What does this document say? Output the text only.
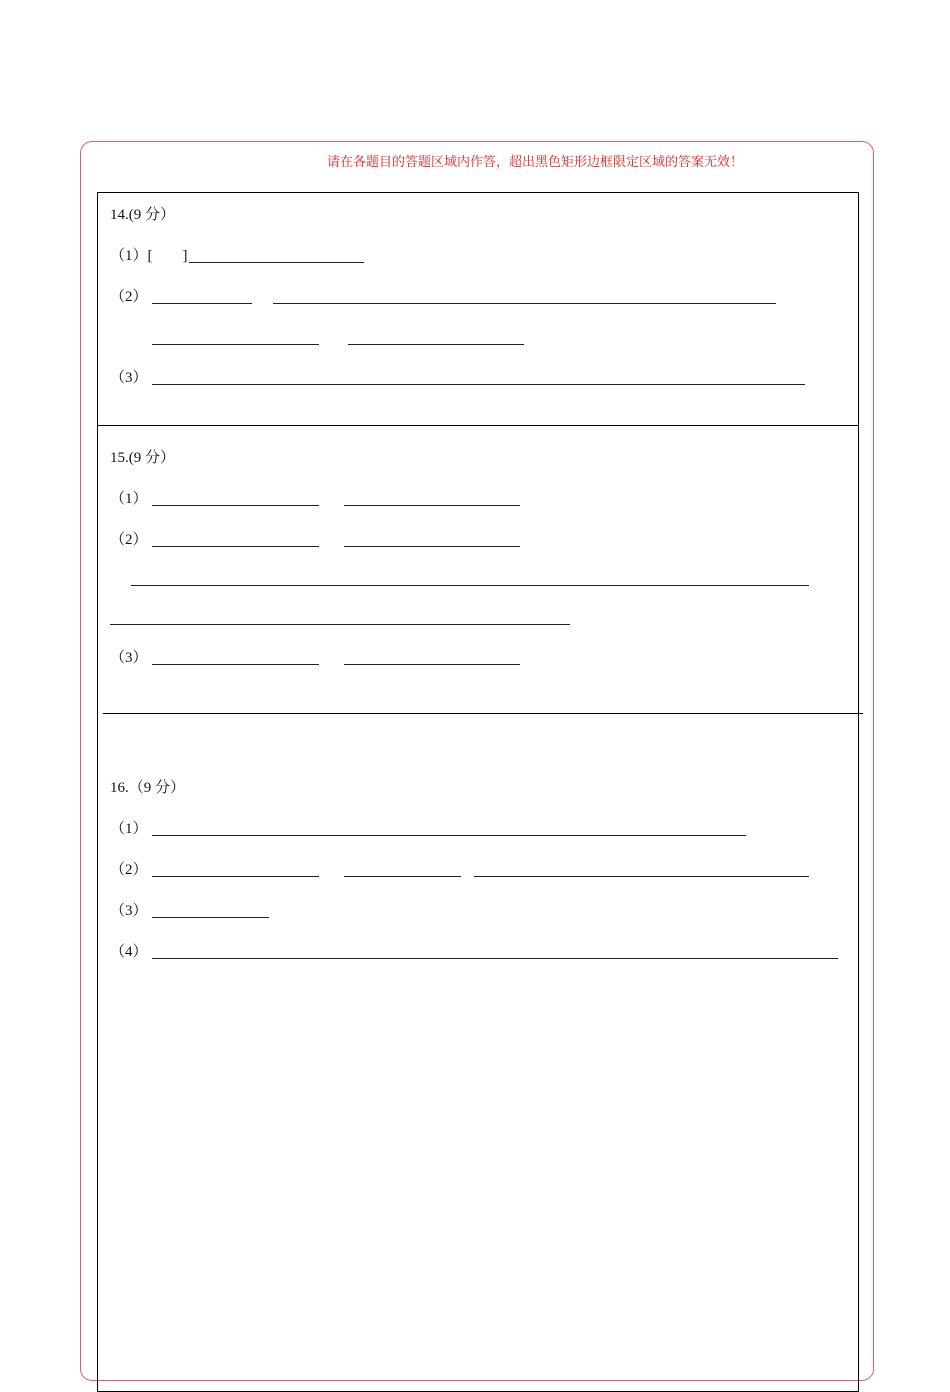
请在各题目的答题区域内作答，超出黑色矩形边框限定区域的答案无效！
14.(9 分）
（1）[　　]
（2）
（3）
15.(9 分）
（1）
（2）
（3）
16.（9 分）
（1）
（2）
（3）
（4）
